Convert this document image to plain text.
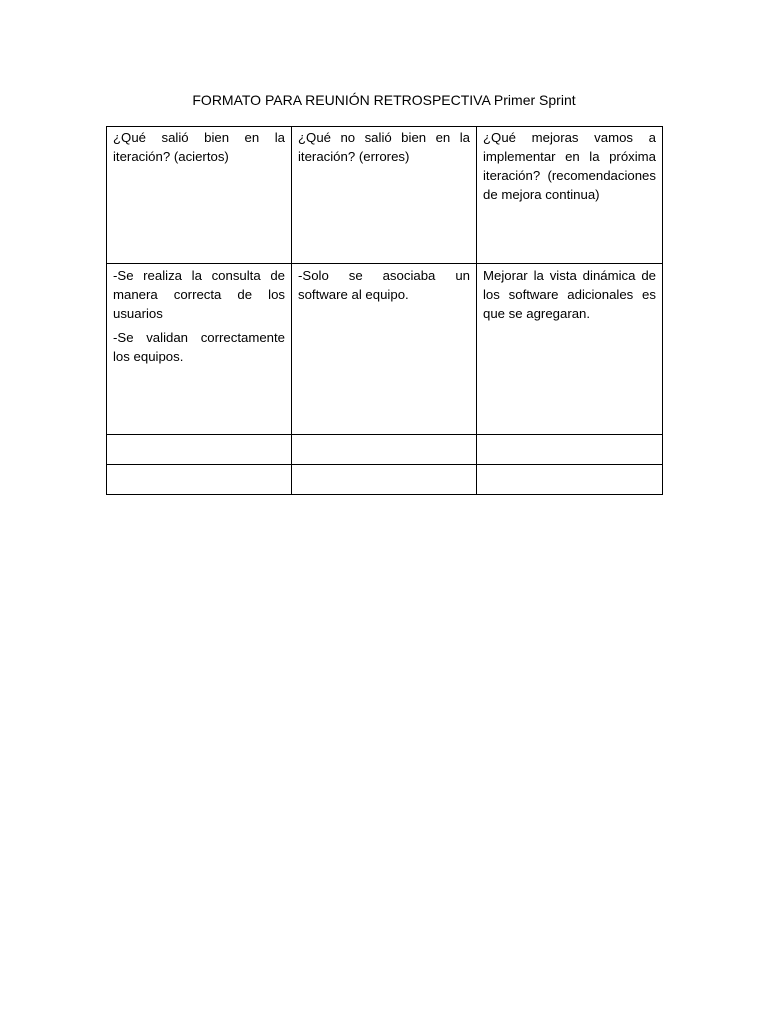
FORMATO PARA REUNIÓN RETROSPECTIVA Primer Sprint
¿Qué salió bien en la iteración? (aciertos)	¿Qué no salió bien en la iteración? (errores)	¿Qué mejoras vamos a implementar en la próxima iteración? (recomendaciones de mejora continua)

-Se realiza la consulta de manera correcta de los usuarios

-Se validan correctamente los equipos.	-Solo se asociaba un software al equipo.	Mejorar la vista dinámica de los software adicionales es que se agregaran.
